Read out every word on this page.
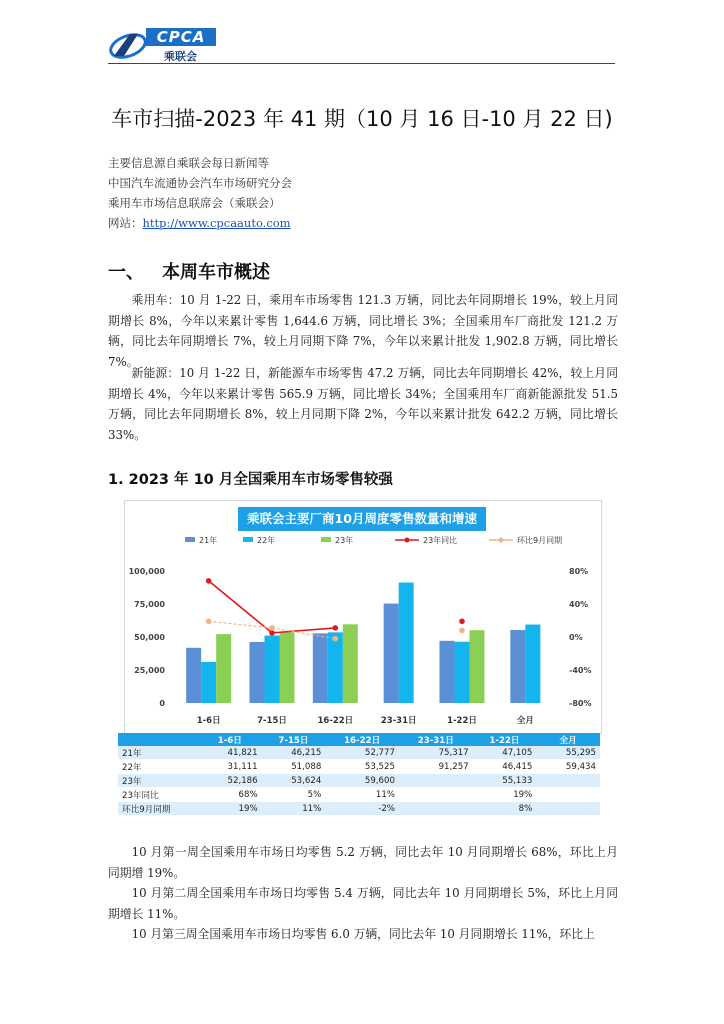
CPCA
乘联会
车市扫描-2023 年 41 期（10 月 16 日-10 月 22 日)
主要信息源自乘联会每日新闻等
中国汽车流通协会汽车市场研究分会
乘用车市场信息联席会（乘联会）
网站：http://www.cpcaauto.com
一、 本周车市概述

乘用车：10 月 1-22 日，乘用车市场零售 121.3 万辆，同比去年同期增长 19%，较上月同期增长 8%，今年以来累计零售 1,644.6 万辆，同比增长 3%；全国乘用车厂商批发 121.2 万辆，同比去年同期增长 7%，较上月同期下降 7%，今年以来累计批发 1,902.8 万辆，同比增长 7%。

新能源：10 月 1-22 日，新能源车市场零售 47.2 万辆，同比去年同期增长 42%，较上月同期增长 4%，今年以来累计零售 565.9 万辆，同比增长 34%；全国乘用车厂商新能源批发 51.5 万辆，同比去年同期增长 8%，较上月同期下降 2%，今年以来累计批发 642.2 万辆，同比增长 33%。

1. 2023 年 10 月全国乘用车市场零售较强
乘联会主要厂商10月周度零售数量和增速
21年	22年	23年	23年同比	环比9月同期
100,000
75,000
50,000
25,000
0
80%
40%
0%
-40%
-80%
1-6日	7-15日	16-22日	23-31日	1-22日	全月
	1-6日	7-15日	16-22日	23-31日	1-22日	全月
21年	41,821	46,215	52,777	75,317	47,105	55,295
22年	31,111	51,088	53,525	91,257	46,415	59,434
23年	52,186	53,624	59,600		55,133	
23年同比	68%	5%	11%		19%	
环比9月同期	19%	11%	-2%		8%	

10 月第一周全国乘用车市场日均零售 5.2 万辆，同比去年 10 月同期增长 68%，环比上月同期增 19%。

10 月第二周全国乘用车市场日均零售 5.4 万辆，同比去年 10 月同期增长 5%，环比上月同期增长 11%。

10 月第三周全国乘用车市场日均零售 6.0 万辆，同比去年 10 月同期增长 11%，环比上
